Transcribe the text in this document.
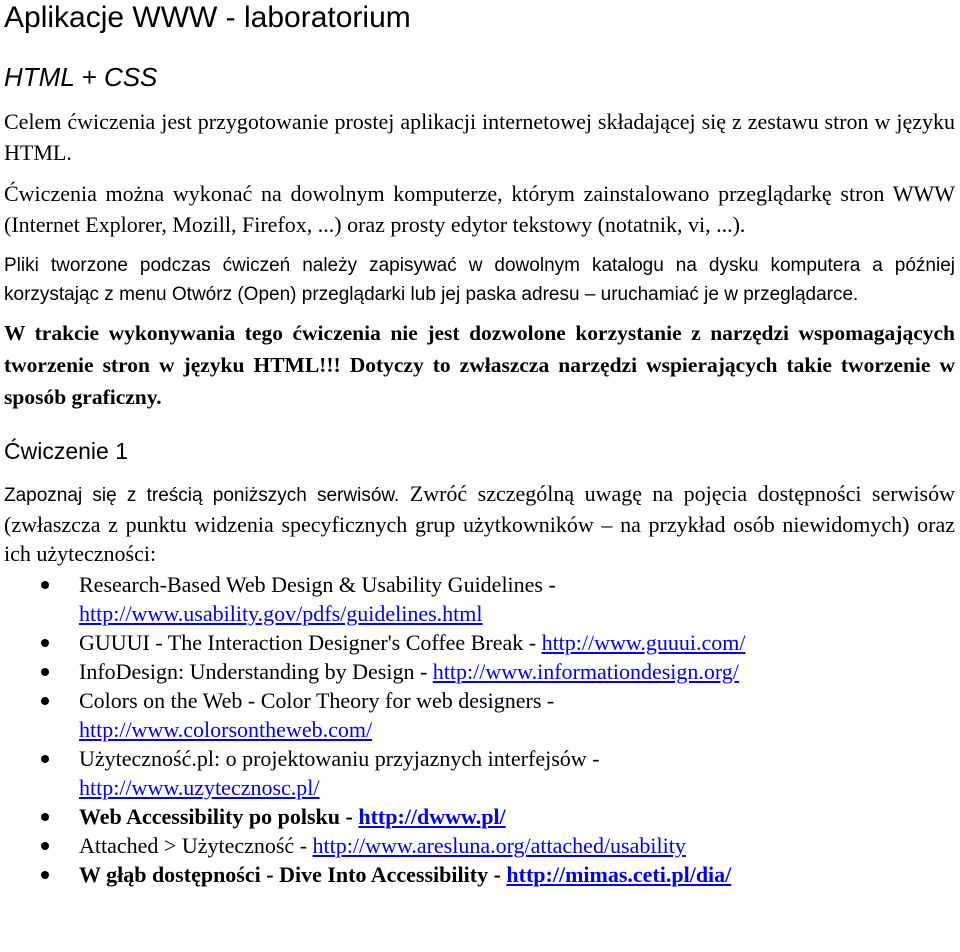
Aplikacje WWW - laboratorium
HTML + CSS

Celem ćwiczenia jest przygotowanie prostej aplikacji internetowej składającej się z zestawu stron w języku HTML.

Ćwiczenia można wykonać na dowolnym komputerze, którym zainstalowano przeglądarkę stron WWW (Internet Explorer, Mozill, Firefox, ...) oraz prosty edytor tekstowy (notatnik, vi, ...).

Pliki tworzone podczas ćwiczeń należy zapisywać w dowolnym katalogu na dysku komputera a później korzystając z menu Otwórz (Open) przeglądarki lub jej paska adresu – uruchamiać je w przeglądarce.

W trakcie wykonywania tego ćwiczenia nie jest dozwolone korzystanie z narzędzi wspomagających tworzenie stron w języku HTML!!! Dotyczy to zwłaszcza narzędzi wspierających takie tworzenie w sposób graficzny.

Ćwiczenie 1

Zapoznaj się z treścią poniższych serwisów. Zwróć szczególną uwagę na pojęcia dostępności serwisów (zwłaszcza z punktu widzenia specyficznych grup użytkowników – na przykład osób niewidomych) oraz ich użyteczności:

Research-Based Web Design & Usability Guidelines -
http://www.usability.gov/pdfs/guidelines.html
GUUUI - The Interaction Designer's Coffee Break - http://www.guuui.com/
InfoDesign: Understanding by Design - http://www.informationdesign.org/
Colors on the Web - Color Theory for web designers -
http://www.colorsontheweb.com/
Użyteczność.pl: o projektowaniu przyjaznych interfejsów -
http://www.uzytecznosc.pl/
Web Accessibility po polsku - http://dwww.pl/
Attached > Użyteczność - http://www.aresluna.org/attached/usability
W głąb dostępności - Dive Into Accessibility - http://mimas.ceti.pl/dia/
